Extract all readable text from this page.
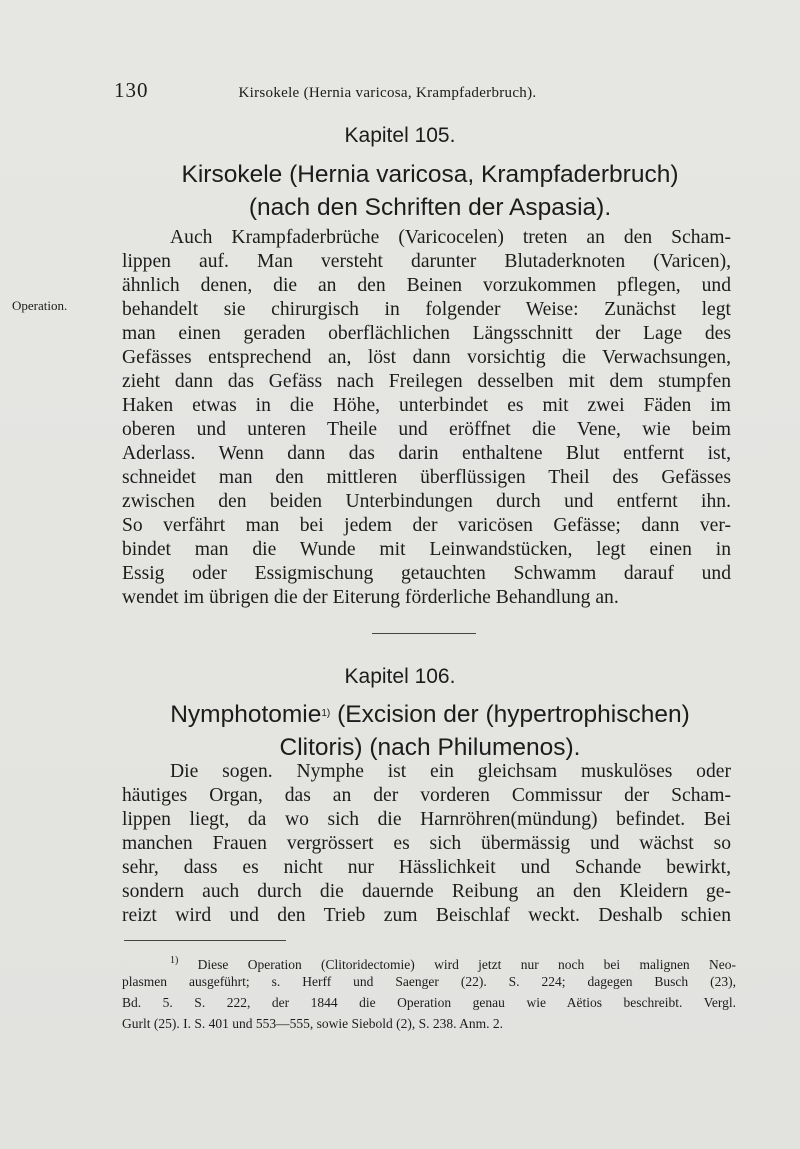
130	Kirsokele (Hernia varicosa, Krampfaderbruch).
Kapitel 105.
Kirsokele (Hernia varicosa, Krampfaderbruch)
(nach den Schriften der Aspasia).
Operation.
Auch Krampfaderbrüche (Varicocelen) treten an den Scham-
lippen auf. Man versteht darunter Blutaderknoten (Varicen),
ähnlich denen, die an den Beinen vorzukommen pflegen, und
behandelt sie chirurgisch in folgender Weise: Zunächst legt
man einen geraden oberflächlichen Längsschnitt der Lage des
Gefässes entsprechend an, löst dann vorsichtig die Verwachsungen,
zieht dann das Gefäss nach Freilegen desselben mit dem stumpfen
Haken etwas in die Höhe, unterbindet es mit zwei Fäden im
oberen und unteren Theile und eröffnet die Vene, wie beim
Aderlass. Wenn dann das darin enthaltene Blut entfernt ist,
schneidet man den mittleren überflüssigen Theil des Gefässes
zwischen den beiden Unterbindungen durch und entfernt ihn.
So verfährt man bei jedem der varicösen Gefässe; dann ver-
bindet man die Wunde mit Leinwandstücken, legt einen in
Essig oder Essigmischung getauchten Schwamm darauf und
wendet im übrigen die der Eiterung förderliche Behandlung an.
Kapitel 106.
Nymphotomie$^{1)}$ (Excision der (hypertrophischen)
Clitoris) (nach Philumenos).
Die sogen. Nymphe ist ein gleichsam muskulöses oder
häutiges Organ, das an der vorderen Commissur der Scham-
lippen liegt, da wo sich die Harnröhren(mündung) befindet. Bei
manchen Frauen vergrössert es sich übermässig und wächst so
sehr, dass es nicht nur Hässlichkeit und Schande bewirkt,
sondern auch durch die dauernde Reibung an den Kleidern ge-
reizt wird und den Trieb zum Beischlaf weckt. Deshalb schien
$^{1)}$ Diese Operation (Clitoridectomie) wird jetzt nur noch bei malignen Neo-
plasmen ausgeführt; s. Herff und Saenger (22). S. 224; dagegen Busch (23),
Bd. 5. S. 222, der 1844 die Operation genau wie Aëtios beschreibt. Vergl.
Gurlt (25). I. S. 401 und 553—555, sowie Siebold (2), S. 238. Anm. 2.
